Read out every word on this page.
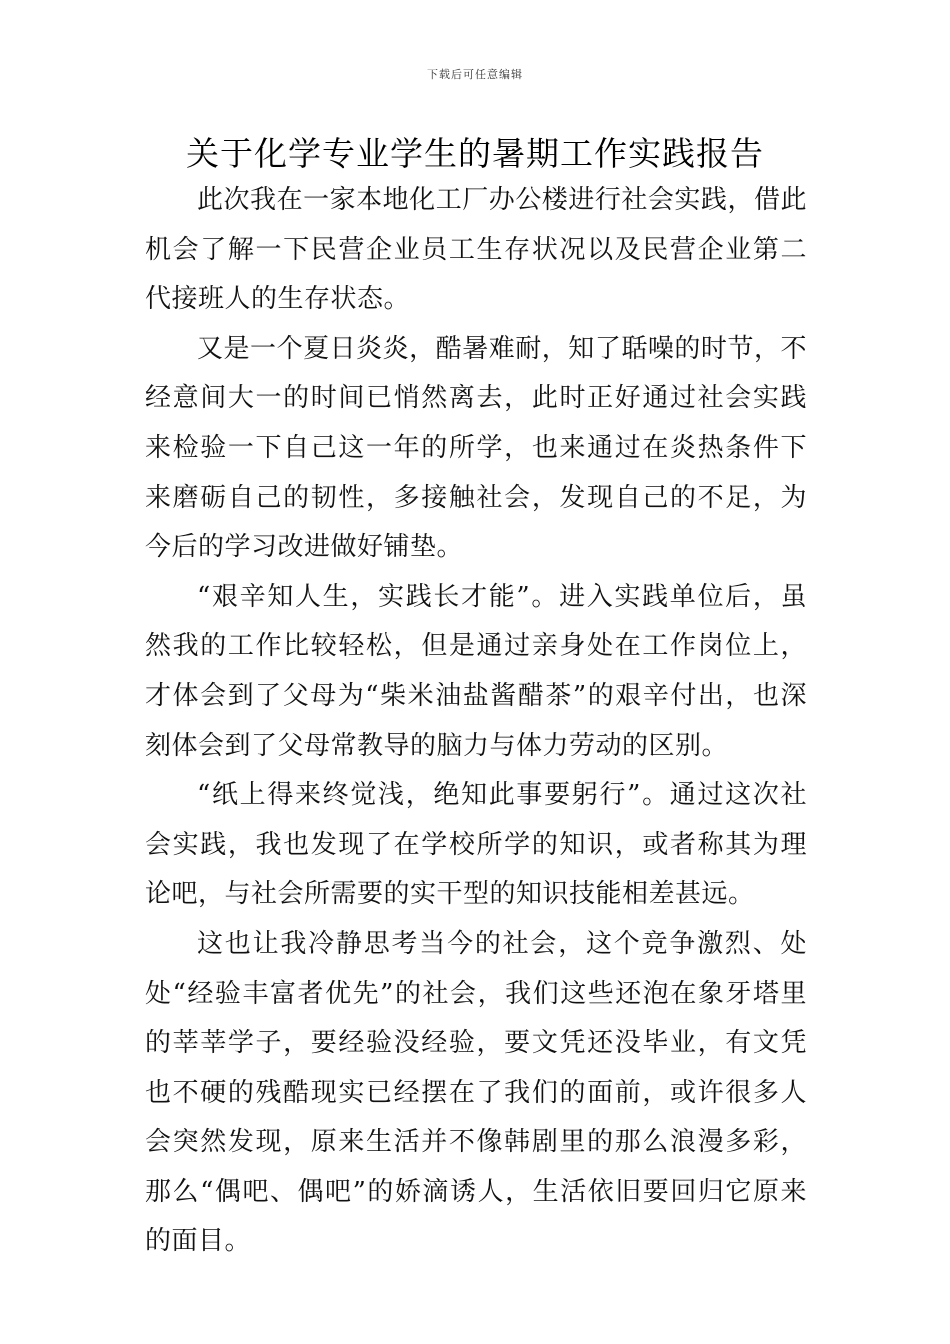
下载后可任意编辑
关于化学专业学生的暑期工作实践报告

此次我在一家本地化工厂办公楼进行社会实践，借此机会了解一下民营企业员工生存状况以及民营企业第二代接班人的生存状态。

又是一个夏日炎炎，酷暑难耐，知了聒噪的时节，不经意间大一的时间已悄然离去，此时正好通过社会实践来检验一下自己这一年的所学，也来通过在炎热条件下来磨砺自己的韧性，多接触社会，发现自己的不足，为今后的学习改进做好铺垫。

“艰辛知人生，实践长才能”。进入实践单位后，虽然我的工作比较轻松，但是通过亲身处在工作岗位上，才体会到了父母为“柴米油盐酱醋茶”的艰辛付出，也深刻体会到了父母常教导的脑力与体力劳动的区别。

“纸上得来终觉浅，绝知此事要躬行”。通过这次社会实践，我也发现了在学校所学的知识，或者称其为理论吧，与社会所需要的实干型的知识技能相差甚远。

这也让我冷静思考当今的社会，这个竞争激烈、处处“经验丰富者优先”的社会，我们这些还泡在象牙塔里的莘莘学子，要经验没经验，要文凭还没毕业，有文凭也不硬的残酷现实已经摆在了我们的面前，或许很多人会突然发现，原来生活并不像韩剧里的那么浪漫多彩，那么“偶吧、偶吧”的娇滴诱人，生活依旧要回归它原来的面目。
